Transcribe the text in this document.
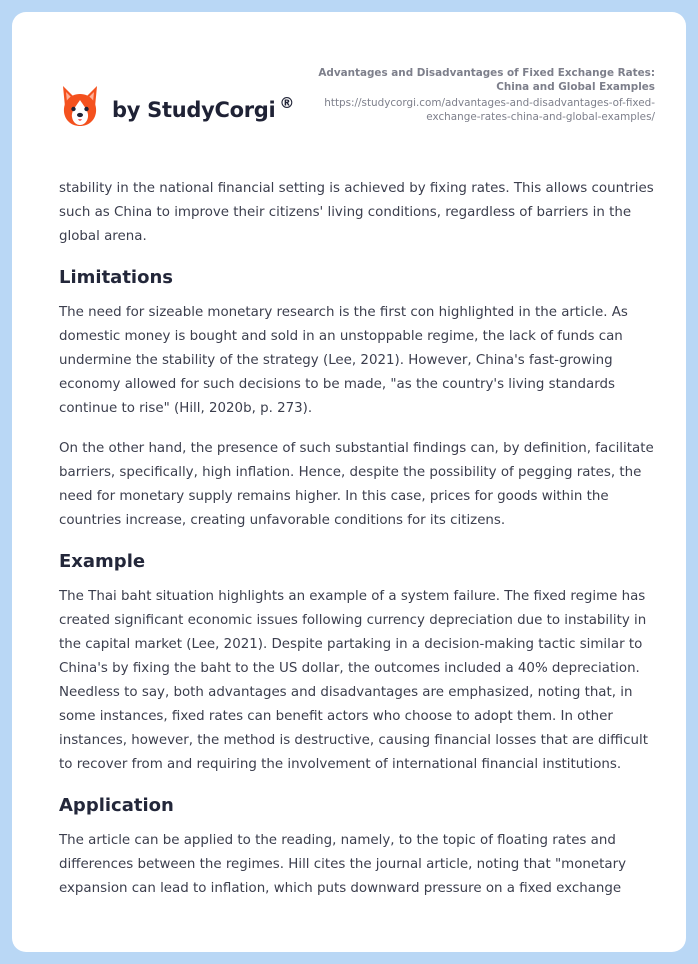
by StudyCorgi ®
Advantages and Disadvantages of Fixed Exchange Rates: China and Global Examples
https://studycorgi.com/advantages-and-disadvantages-of-fixed-exchange-rates-china-and-global-examples/

stability in the national financial setting is achieved by fixing rates. This allows countries such as China to improve their citizens' living conditions, regardless of barriers in the global arena.

Limitations

The need for sizeable monetary research is the first con highlighted in the article. As domestic money is bought and sold in an unstoppable regime, the lack of funds can undermine the stability of the strategy (Lee, 2021). However, China's fast-growing economy allowed for such decisions to be made, "as the country's living standards continue to rise" (Hill, 2020b, p. 273).

On the other hand, the presence of such substantial findings can, by definition, facilitate barriers, specifically, high inflation. Hence, despite the possibility of pegging rates, the need for monetary supply remains higher. In this case, prices for goods within the countries increase, creating unfavorable conditions for its citizens.

Example

The Thai baht situation highlights an example of a system failure. The fixed regime has created significant economic issues following currency depreciation due to instability in the capital market (Lee, 2021). Despite partaking in a decision-making tactic similar to China's by fixing the baht to the US dollar, the outcomes included a 40% depreciation. Needless to say, both advantages and disadvantages are emphasized, noting that, in some instances, fixed rates can benefit actors who choose to adopt them. In other instances, however, the method is destructive, causing financial losses that are difficult to recover from and requiring the involvement of international financial institutions.

Application

The article can be applied to the reading, namely, to the topic of floating rates and differences between the regimes. Hill cites the journal article, noting that "monetary expansion can lead to inflation, which puts downward pressure on a fixed exchange
